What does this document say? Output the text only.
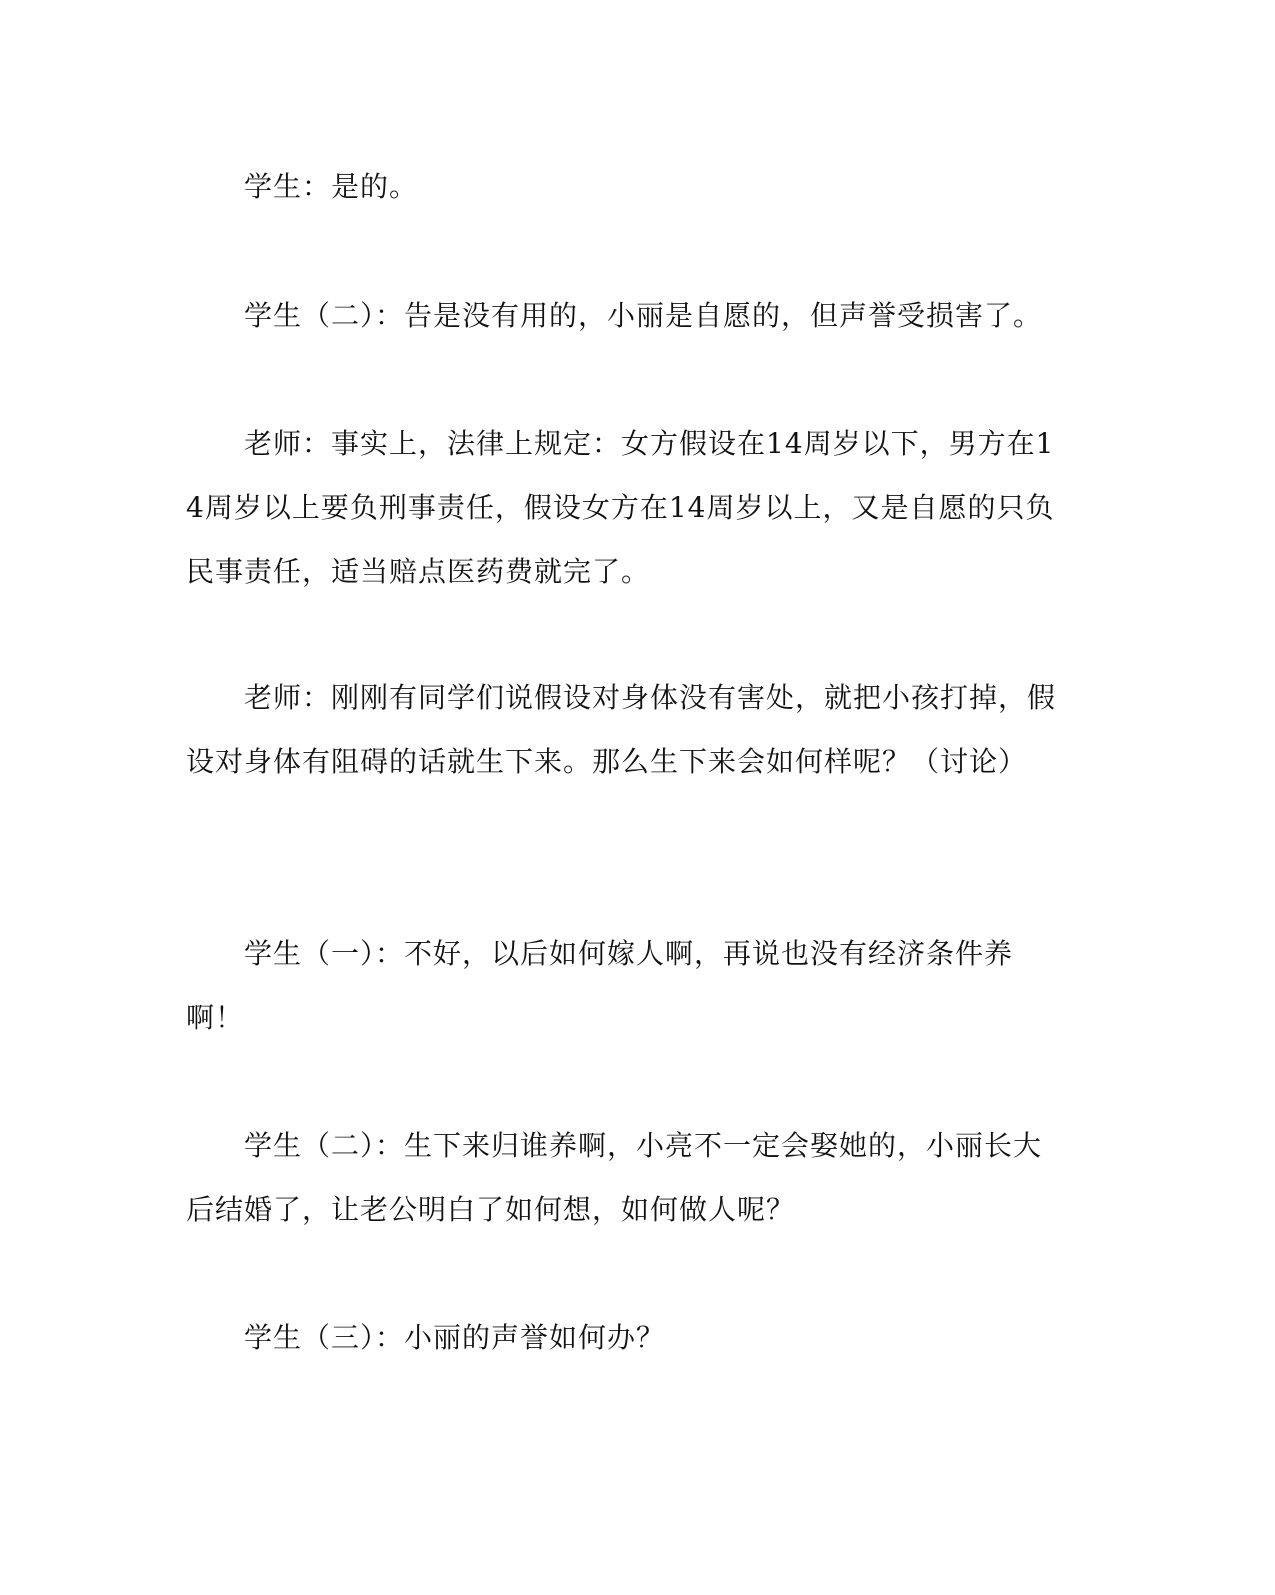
学生：是的。

学生（二）：告是没有用的，小丽是自愿的，但声誉受损害了。

老师：事实上，法律上规定：女方假设在14周岁以下，男方在14周岁以上要负刑事责任，假设女方在14周岁以上，又是自愿的只负民事责任，适当赔点医药费就完了。

老师：刚刚有同学们说假设对身体没有害处，就把小孩打掉，假设对身体有阻碍的话就生下来。那么生下来会如何样呢？（讨论）

学生（一）：不好，以后如何嫁人啊，再说也没有经济条件养啊！

学生（二）：生下来归谁养啊，小亮不一定会娶她的，小丽长大后结婚了，让老公明白了如何想，如何做人呢？

学生（三）：小丽的声誉如何办？
